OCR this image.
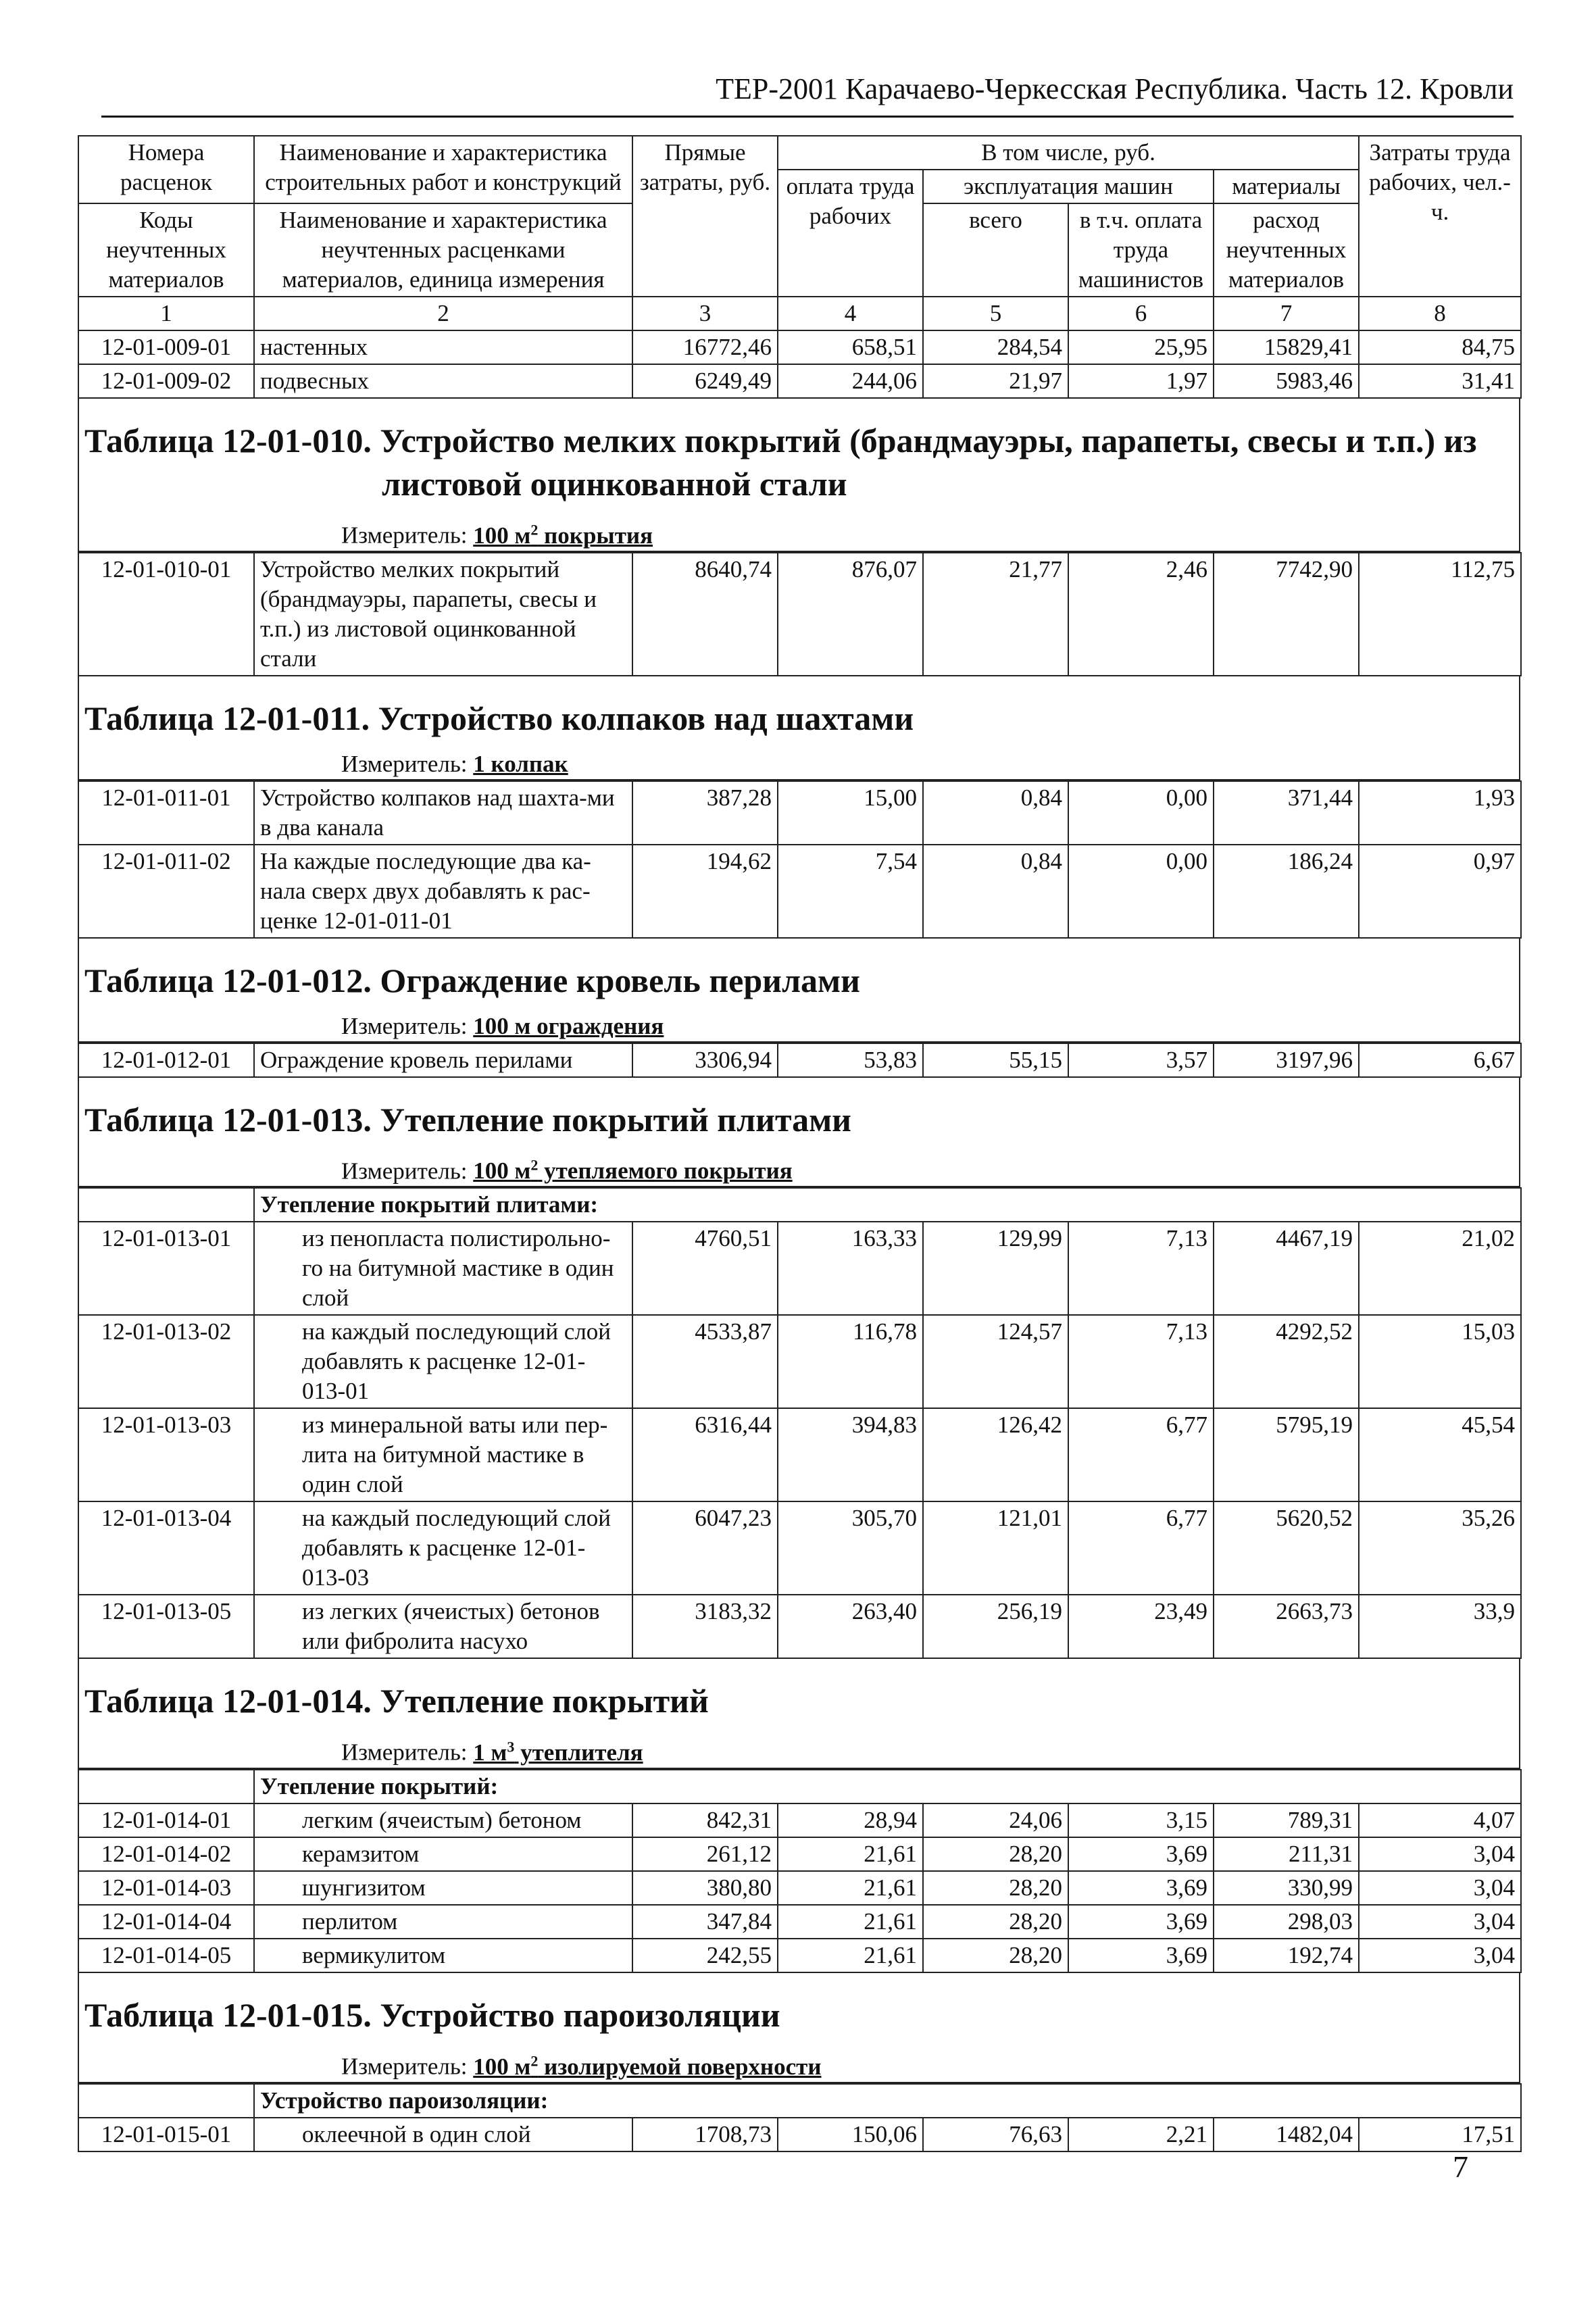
ТЕР-2001 Карачаево-Черкесская Республика. Часть 12. Кровли
Номера расценок	Наименование и характеристика строительных работ и конструкций	Прямые затраты, руб.	В том числе, руб.				Затраты труда рабочих, чел.-ч.
			оплата труда рабочих	эксплуатация машин		материалы	
Коды неучтенных материалов	Наименование и характеристика неучтенных расценками материалов, единица измерения			всего	в т.ч. оплата труда машинистов	расход неучтенных материалов	

1	2	3	4	5	6	7	8
12-01-009-01	настенных	16772,46	658,51	284,54	25,95	15829,41	84,75
12-01-009-02	подвесных	6249,49	244,06	21,97	1,97	5983,46	31,41
Таблица 12-01-010. Устройство мелких покрытий (брандмауэры, парапеты, свесы и т.п.) из
листовой оцинкованной стали
Измеритель: 100 $м^2$ покрытия
12-01-010-01	Устройство мелких покрытий (брандмауэры, парапеты, свесы и т.п.) из листовой оцинкованной стали	8640,74	876,07	21,77	2,46	7742,90	112,75
Таблица 12-01-011. Устройство колпаков над шахтами
Измеритель: 1 колпак
12-01-011-01	Устройство колпаков над шахта-ми в два канала	387,28	15,00	0,84	0,00	371,44	1,93
12-01-011-02	На каждые последующие два ка-нала сверх двух добавлять к рас-ценке 12-01-011-01	194,62	7,54	0,84	0,00	186,24	0,97
Таблица 12-01-012. Ограждение кровель перилами
Измеритель: 100 м ограждения
12-01-012-01	Ограждение кровель перилами	3306,94	53,83	55,15	3,57	3197,96	6,67
Таблица 12-01-013. Утепление покрытий плитами
Измеритель: 100 $м^2$ утепляемого покрытия
	Утепление покрытий плитами:						
12-01-013-01	из пенопласта полистирольно-го на битумной мастике в один слой	4760,51	163,33	129,99	7,13	4467,19	21,02
12-01-013-02	на каждый последующий слой добавлять к расценке 12-01-013-01	4533,87	116,78	124,57	7,13	4292,52	15,03
12-01-013-03	из минеральной ваты или пер-лита на битумной мастике в один слой	6316,44	394,83	126,42	6,77	5795,19	45,54
12-01-013-04	на каждый последующий слой добавлять к расценке 12-01-013-03	6047,23	305,70	121,01	6,77	5620,52	35,26
12-01-013-05	из легких (ячеистых) бетонов или фибролита насухо	3183,32	263,40	256,19	23,49	2663,73	33,9
Таблица 12-01-014. Утепление покрытий
Измеритель: 1 $м^3$ утеплителя
	Утепление покрытий:						
12-01-014-01	легким (ячеистым) бетоном	842,31	28,94	24,06	3,15	789,31	4,07
12-01-014-02	керамзитом	261,12	21,61	28,20	3,69	211,31	3,04
12-01-014-03	шунгизитом	380,80	21,61	28,20	3,69	330,99	3,04
12-01-014-04	перлитом	347,84	21,61	28,20	3,69	298,03	3,04
12-01-014-05	вермикулитом	242,55	21,61	28,20	3,69	192,74	3,04
Таблица 12-01-015. Устройство пароизоляции
Измеритель: 100 $м^2$ изолируемой поверхности
	Устройство пароизоляции:						
12-01-015-01	оклеечной в один слой	1708,73	150,06	76,63	2,21	1482,04	17,51
7
